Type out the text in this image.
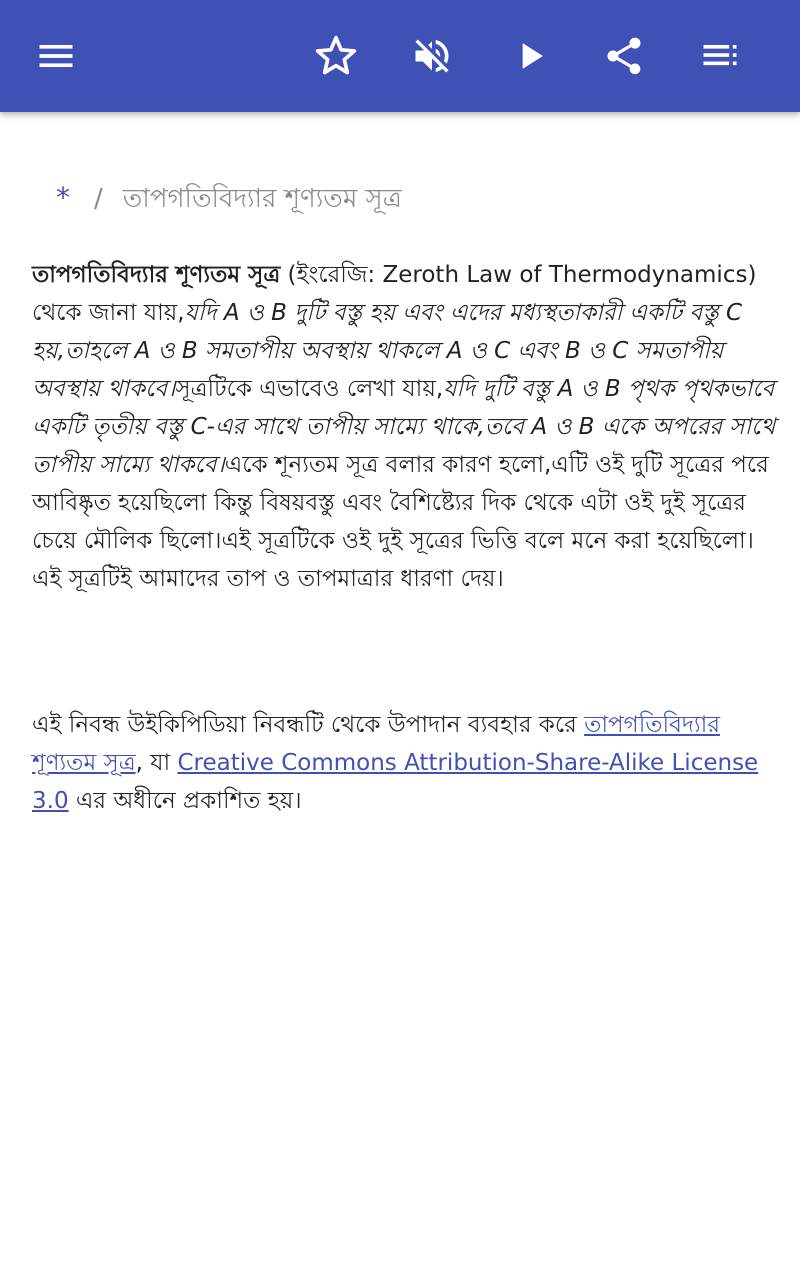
* / তাপগতিবিদ্যার শূণ্যতম সূত্র

তাপগতিবিদ্যার শূণ্যতম সূত্র (ইংরেজি: Zeroth Law of Thermodynamics) থেকে জানা যায়,যদি A ও B দুটি বস্তু হয় এবং এদের মধ্যস্থতাকারী একটি বস্তু C হয়,তাহলে A ও B সমতাপীয় অবস্থায় থাকলে A ও C এবং B ও C সমতাপীয় অবস্থায় থাকবে।সূত্রটিকে এভাবেও লেখা যায়,যদি দুটি বস্তু A ও B পৃথক পৃথকভাবে একটি তৃতীয় বস্তু C-এর সাথে তাপীয় সাম্যে থাকে,তবে A ও B একে অপরের সাথে তাপীয় সাম্যে থাকবে।একে শূন্যতম সূত্র বলার কারণ হলো,এটি ওই দুটি সূত্রের পরে আবিষ্কৃত হয়েছিলো কিন্তু বিষয়বস্তু এবং বৈশিষ্ট্যের দিক থেকে এটা ওই দুই সূত্রের চেয়ে মৌলিক ছিলো।এই সূত্রটিকে ওই দুই সূত্রের ভিত্তি বলে মনে করা হয়েছিলো।এই সূত্রটিই আমাদের তাপ ও তাপমাত্রার ধারণা দেয়।

এই নিবন্ধ উইকিপিডিয়া নিবন্ধটি থেকে উপাদান ব্যবহার করে তাপগতিবিদ্যার শূণ্যতম সূত্র, যা Creative Commons Attribution-Share-Alike License 3.0 এর অধীনে প্রকাশিত হয়।
